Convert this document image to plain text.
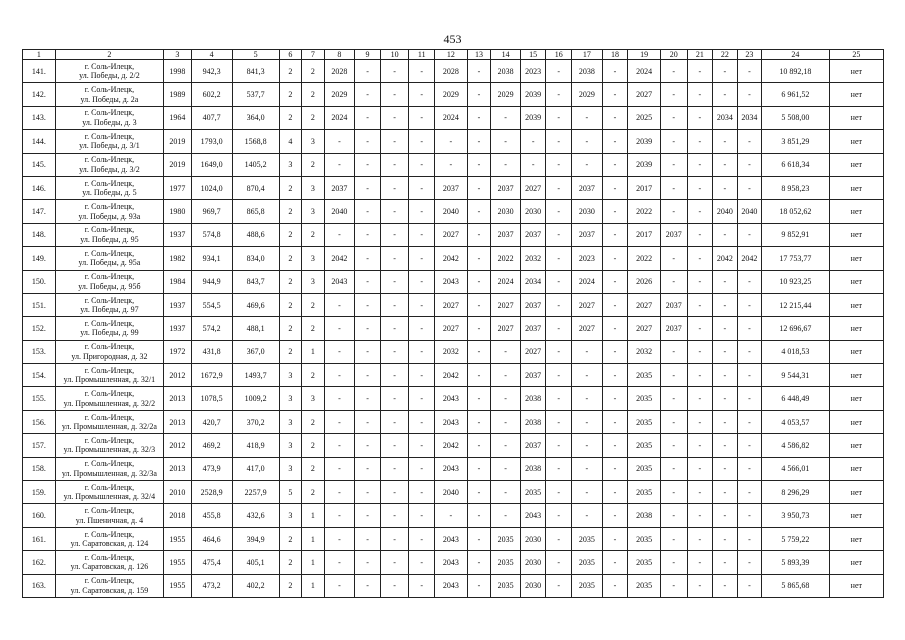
453
1	2	3	4	5	6	7	8	9	10	11	12	13	14	15	16	17	18	19	20	21	22	23	24	25
141.	г. Соль-Илецк,
ул. Победы, д. 2/2	1998	942,3	841,3	2	2	2028	-	-	-	2028	-	2038	2023	-	2038	-	2024	-	-	-	-	10 892,18	нет
142.	г. Соль-Илецк,
ул. Победы, д. 2а	1989	602,2	537,7	2	2	2029	-	-	-	2029	-	2029	2039	-	2029	-	2027	-	-	-	-	6 961,52	нет
143.	г. Соль-Илецк,
ул. Победы, д. 3	1964	407,7	364,0	2	2	2024	-	-	-	2024	-	-	2039	-	-	-	2025	-	-	2034	2034	5 508,00	нет
144.	г. Соль-Илецк,
ул. Победы, д. 3/1	2019	1793,0	1568,8	4	3	-	-	-	-	-	-	-	-	-	-	-	2039	-	-	-	-	3 851,29	нет
145.	г. Соль-Илецк,
ул. Победы, д. 3/2	2019	1649,0	1405,2	3	2	-	-	-	-	-	-	-	-	-	-	-	2039	-	-	-	-	6 618,34	нет
146.	г. Соль-Илецк,
ул. Победы, д. 5	1977	1024,0	870,4	2	3	2037	-	-	-	2037	-	2037	2027	-	2037	-	2017	-	-	-	-	8 958,23	нет
147.	г. Соль-Илецк,
ул. Победы, д. 93а	1980	969,7	865,8	2	3	2040	-	-	-	2040	-	2030	2030	-	2030	-	2022	-	-	2040	2040	18 052,62	нет
148.	г. Соль-Илецк,
ул. Победы, д. 95	1937	574,8	488,6	2	2	-	-	-	-	2027	-	2037	2037	-	2037	-	2017	2037	-	-	-	9 852,91	нет
149.	г. Соль-Илецк,
ул. Победы, д. 95а	1982	934,1	834,0	2	3	2042	-	-	-	2042	-	2022	2032	-	2023	-	2022	-	-	2042	2042	17 753,77	нет
150.	г. Соль-Илецк,
ул. Победы, д. 95б	1984	944,9	843,7	2	3	2043	-	-	-	2043	-	2024	2034	-	2024	-	2026	-	-	-	-	10 923,25	нет
151.	г. Соль-Илецк,
ул. Победы, д. 97	1937	554,5	469,6	2	2	-	-	-	-	2027	-	2027	2037	-	2027	-	2027	2037	-	-	-	12 215,44	нет
152.	г. Соль-Илецк,
ул. Победы, д. 99	1937	574,2	488,1	2	2	-	-	-	-	2027	-	2027	2037	-	2027	-	2027	2037	-	-	-	12 696,67	нет
153.	г. Соль-Илецк,
ул. Пригородная, д. 32	1972	431,8	367,0	2	1	-	-	-	-	2032	-	-	2027	-	-	-	2032	-	-	-	-	4 018,53	нет
154.	г. Соль-Илецк,
ул. Промышленная, д. 32/1	2012	1672,9	1493,7	3	2	-	-	-	-	2042	-	-	2037	-	-	-	2035	-	-	-	-	9 544,31	нет
155.	г. Соль-Илецк,
ул. Промышленная, д. 32/2	2013	1078,5	1009,2	3	3	-	-	-	-	2043	-	-	2038	-	-	-	2035	-	-	-	-	6 448,49	нет
156.	г. Соль-Илецк,
ул. Промышленная, д. 32/2а	2013	420,7	370,2	3	2	-	-	-	-	2043	-	-	2038	-	-	-	2035	-	-	-	-	4 053,57	нет
157.	г. Соль-Илецк,
ул. Промышленная, д. 32/3	2012	469,2	418,9	3	2	-	-	-	-	2042	-	-	2037	-	-	-	2035	-	-	-	-	4 586,82	нет
158.	г. Соль-Илецк,
ул. Промышленная, д. 32/3а	2013	473,9	417,0	3	2	-	-	-	-	2043	-	-	2038	-	-	-	2035	-	-	-	-	4 566,01	нет
159.	г. Соль-Илецк,
ул. Промышленная, д. 32/4	2010	2528,9	2257,9	5	2	-	-	-	-	2040	-	-	2035	-	-	-	2035	-	-	-	-	8 296,29	нет
160.	г. Соль-Илецк,
ул. Пшеничная, д. 4	2018	455,8	432,6	3	1	-	-	-	-	-	-	-	2043	-	-	-	2038	-	-	-	-	3 950,73	нет
161.	г. Соль-Илецк,
ул. Саратовская, д. 124	1955	464,6	394,9	2	1	-	-	-	-	2043	-	2035	2030	-	2035	-	2035	-	-	-	-	5 759,22	нет
162.	г. Соль-Илецк,
ул. Саратовская, д. 126	1955	475,4	405,1	2	1	-	-	-	-	2043	-	2035	2030	-	2035	-	2035	-	-	-	-	5 893,39	нет
163.	г. Соль-Илецк,
ул. Саратовская, д. 159	1955	473,2	402,2	2	1	-	-	-	-	2043	-	2035	2030	-	2035	-	2035	-	-	-	-	5 865,68	нет
